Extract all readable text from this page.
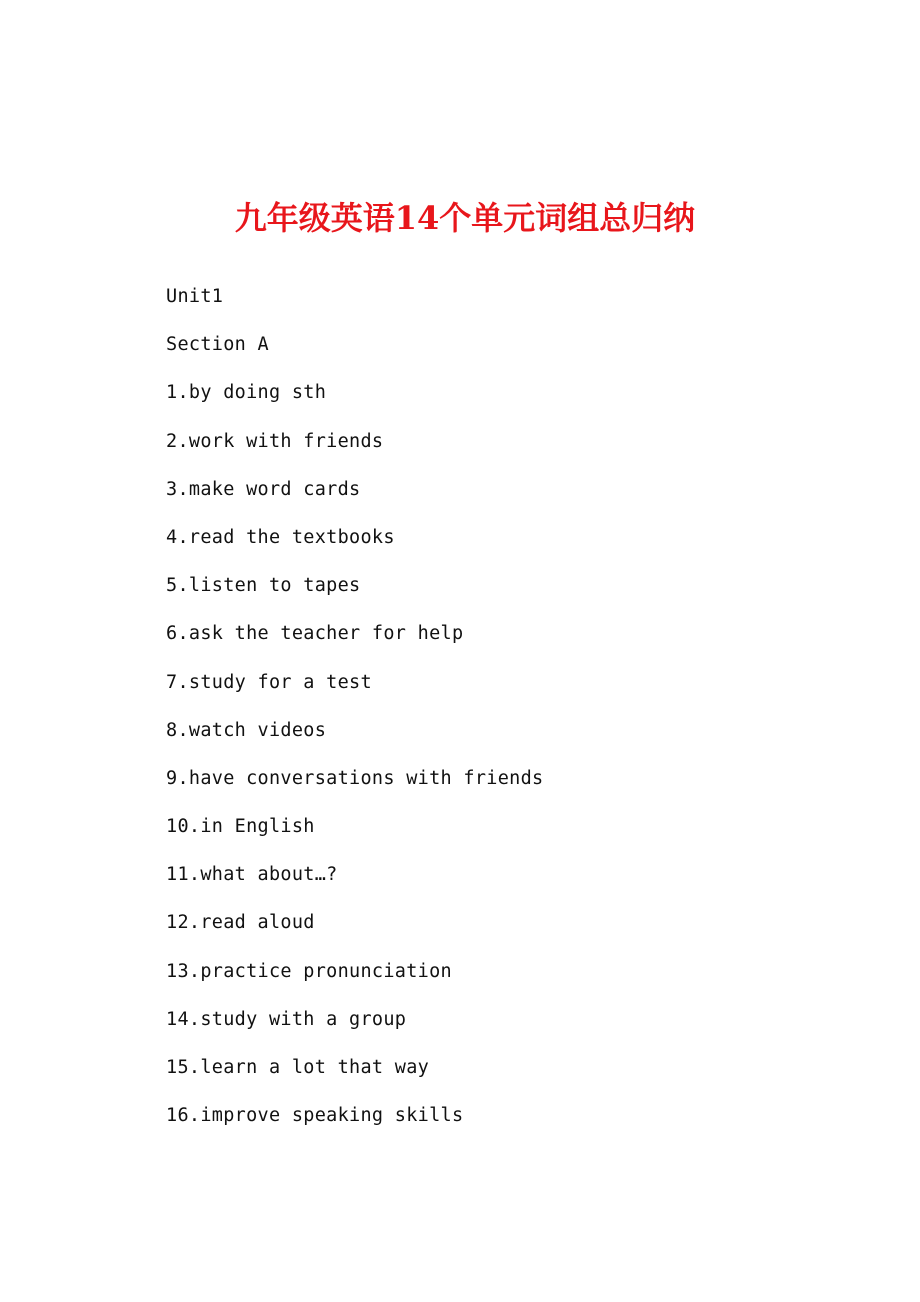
九年级英语14个单元词组总归纳
Unit1
Section A
1.by doing sth
2.work with friends
3.make word cards
4.read the textbooks
5.listen to tapes
6.ask the teacher for help
7.study for a test
8.watch videos
9.have conversations with friends
10.in English
11.what about…?
12.read aloud
13.practice pronunciation
14.study with a group
15.learn a lot that way
16.improve speaking skills
